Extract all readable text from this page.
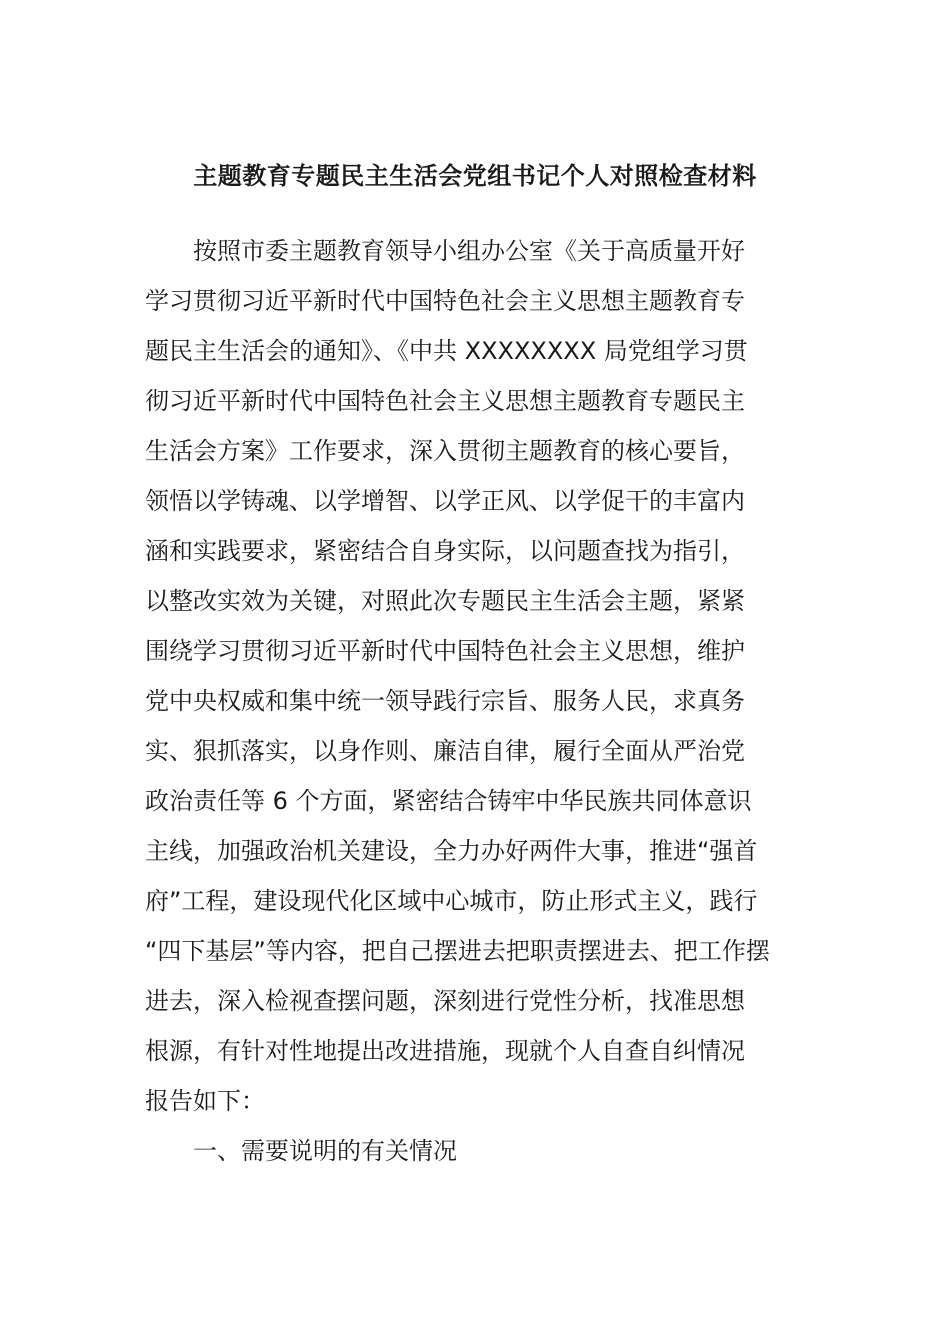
主题教育专题民主生活会党组书记个人对照检查材料
按照市委主题教育领导小组办公室《关于高质量开好
学习贯彻习近平新时代中国特色社会主义思想主题教育专
题民主生活会的通知》、《中共 XXXXXXXX 局党组学习贯
彻习近平新时代中国特色社会主义思想主题教育专题民主
生活会方案》工作要求，深入贯彻主题教育的核心要旨，
领悟以学铸魂、以学增智、以学正风、以学促干的丰富内
涵和实践要求，紧密结合自身实际，以问题查找为指引，
以整改实效为关键，对照此次专题民主生活会主题，紧紧
围绕学习贯彻习近平新时代中国特色社会主义思想，维护
党中央权威和集中统一领导践行宗旨、服务人民，求真务
实、狠抓落实，以身作则、廉洁自律，履行全面从严治党
政治责任等 6 个方面，紧密结合铸牢中华民族共同体意识
主线，加强政治机关建设，全力办好两件大事，推进“强首
府”工程，建设现代化区域中心城市，防止形式主义，践行
“四下基层”等内容，把自己摆进去把职责摆进去、把工作摆
进去，深入检视查摆问题，深刻进行党性分析，找准思想
根源，有针对性地提出改进措施，现就个人自查自纠情况
报告如下：
一、需要说明的有关情况
